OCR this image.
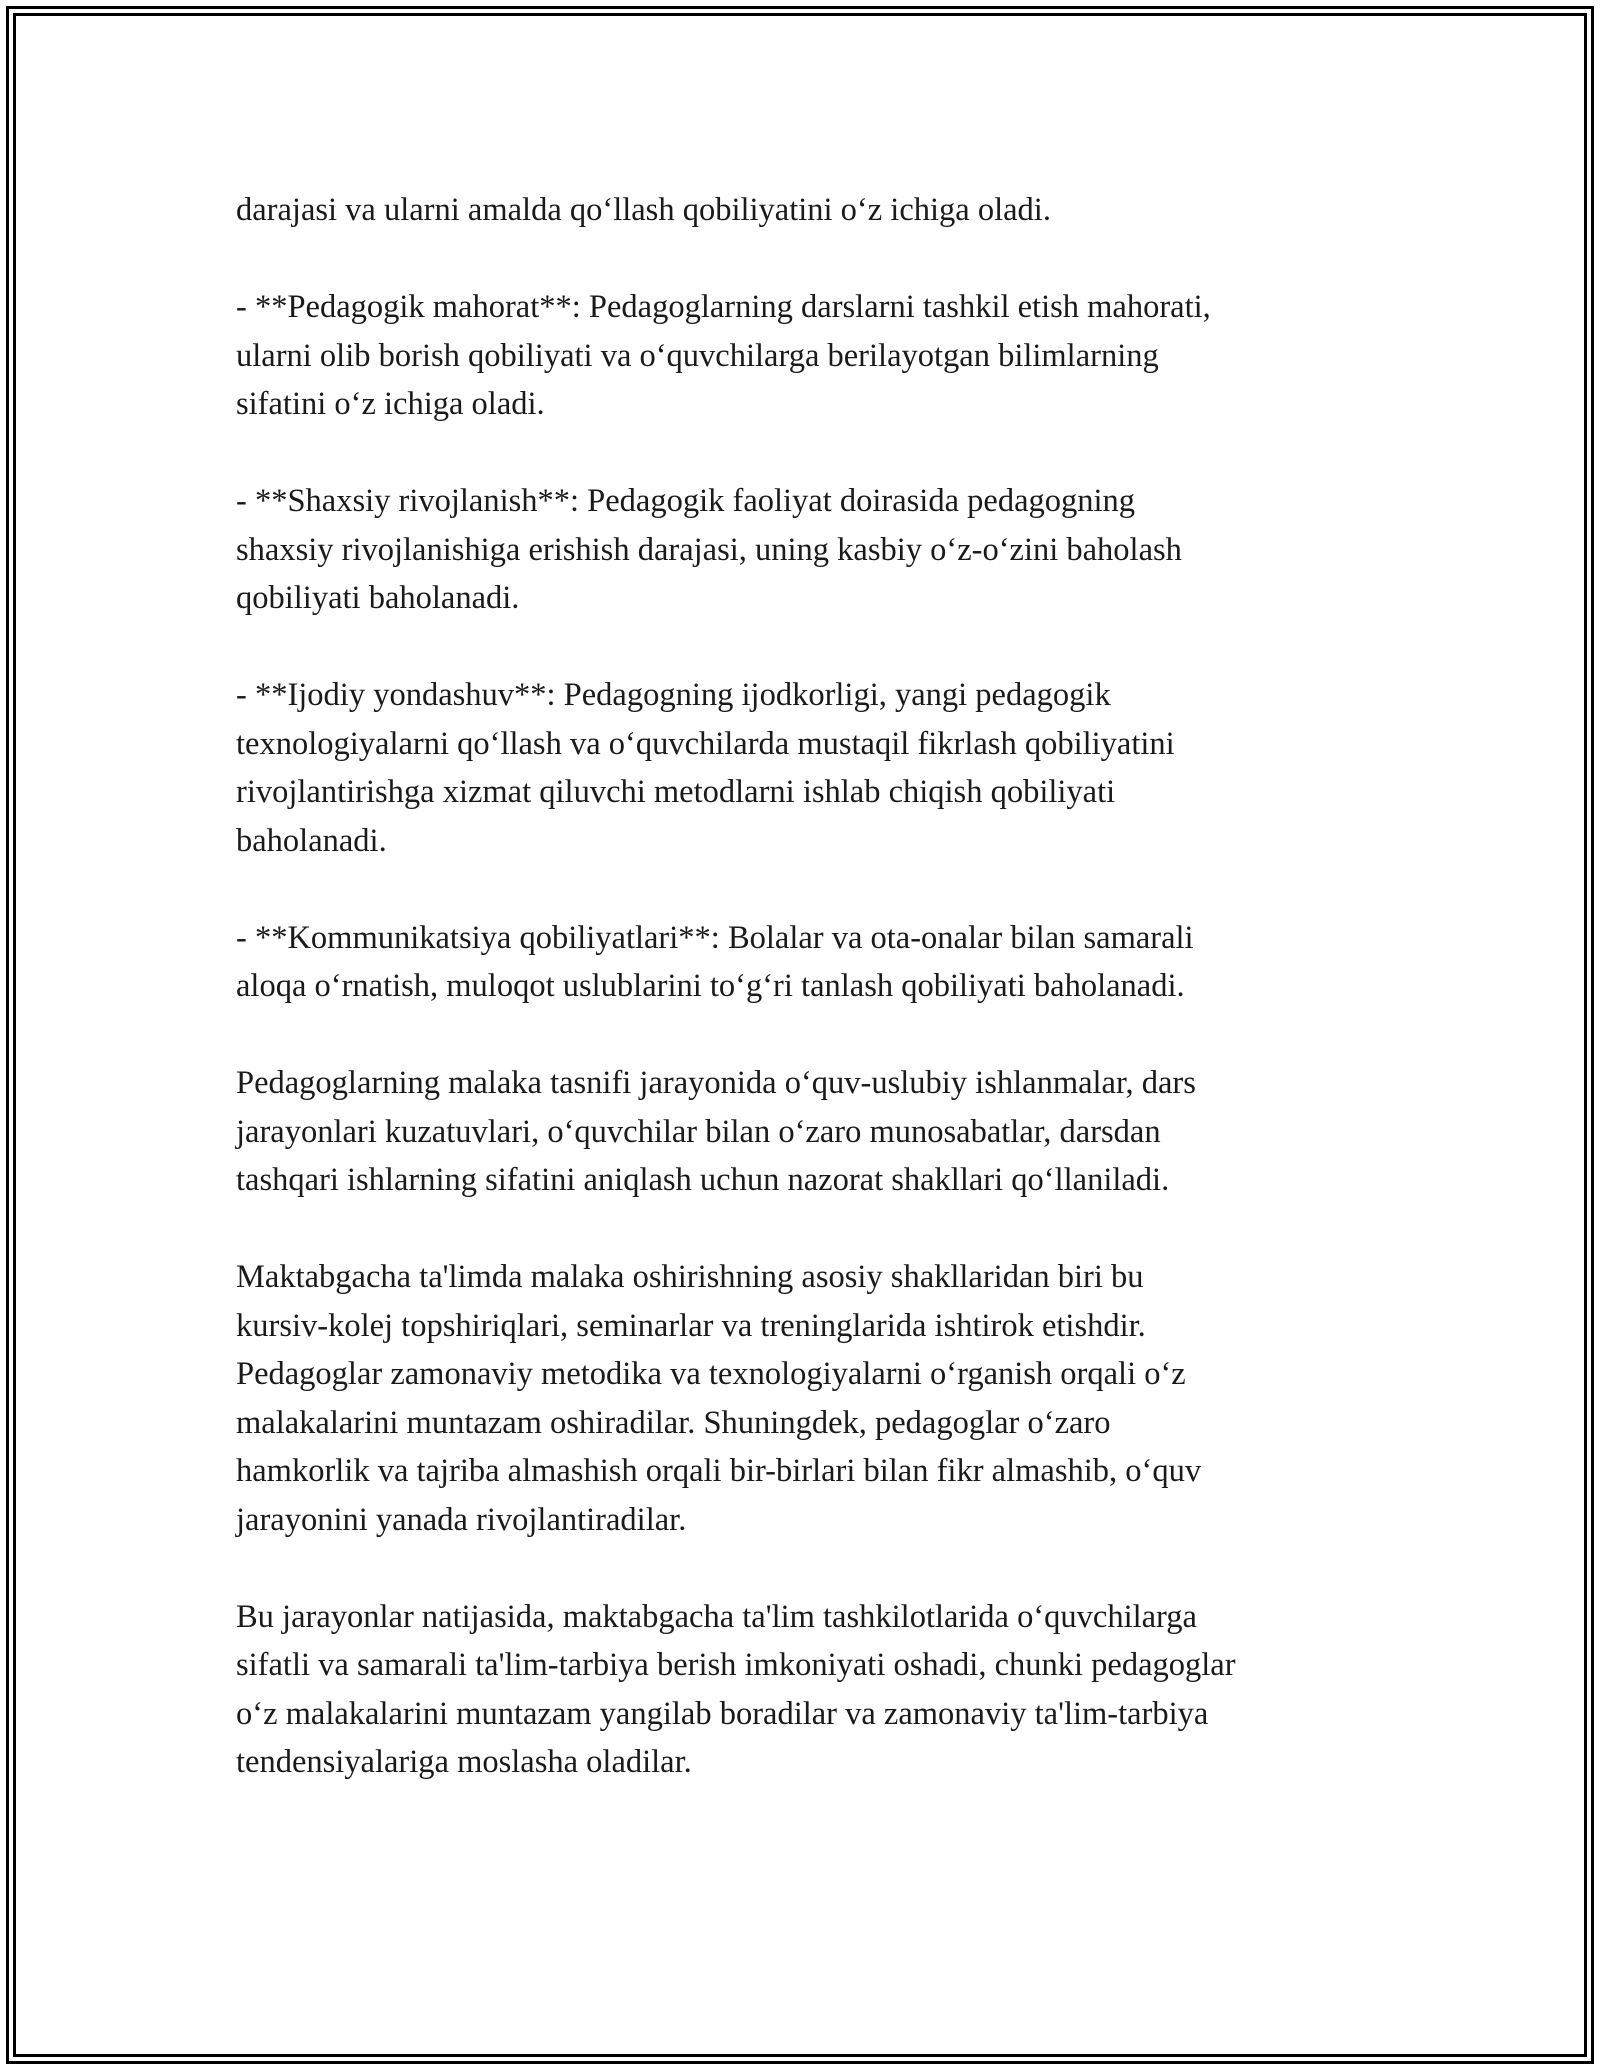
darajasi va ularni amalda qo‘llash qobiliyatini o‘z ichiga oladi.

- **Pedagogik mahorat**: Pedagoglarning darslarni tashkil etish mahorati,
ularni olib borish qobiliyati va o‘quvchilarga berilayotgan bilimlarning
sifatini o‘z ichiga oladi.

- **Shaxsiy rivojlanish**: Pedagogik faoliyat doirasida pedagogning
shaxsiy rivojlanishiga erishish darajasi, uning kasbiy o‘z-o‘zini baholash
qobiliyati baholanadi.

- **Ijodiy yondashuv**: Pedagogning ijodkorligi, yangi pedagogik
texnologiyalarni qo‘llash va o‘quvchilarda mustaqil fikrlash qobiliyatini
rivojlantirishga xizmat qiluvchi metodlarni ishlab chiqish qobiliyati
baholanadi.

- **Kommunikatsiya qobiliyatlari**: Bolalar va ota-onalar bilan samarali
aloqa o‘rnatish, muloqot uslublarini to‘g‘ri tanlash qobiliyati baholanadi.

Pedagoglarning malaka tasnifi jarayonida o‘quv-uslubiy ishlanmalar, dars
jarayonlari kuzatuvlari, o‘quvchilar bilan o‘zaro munosabatlar, darsdan
tashqari ishlarning sifatini aniqlash uchun nazorat shakllari qo‘llaniladi.

Maktabgacha ta'limda malaka oshirishning asosiy shakllaridan biri bu
kursiv-kolej topshiriqlari, seminarlar va treninglarida ishtirok etishdir.
Pedagoglar zamonaviy metodika va texnologiyalarni o‘rganish orqali o‘z
malakalarini muntazam oshiradilar. Shuningdek, pedagoglar o‘zaro
hamkorlik va tajriba almashish orqali bir-birlari bilan fikr almashib, o‘quv
jarayonini yanada rivojlantiradilar.

Bu jarayonlar natijasida, maktabgacha ta'lim tashkilotlarida o‘quvchilarga
sifatli va samarali ta'lim-tarbiya berish imkoniyati oshadi, chunki pedagoglar
o‘z malakalarini muntazam yangilab boradilar va zamonaviy ta'lim-tarbiya
tendensiyalariga moslasha oladilar.
